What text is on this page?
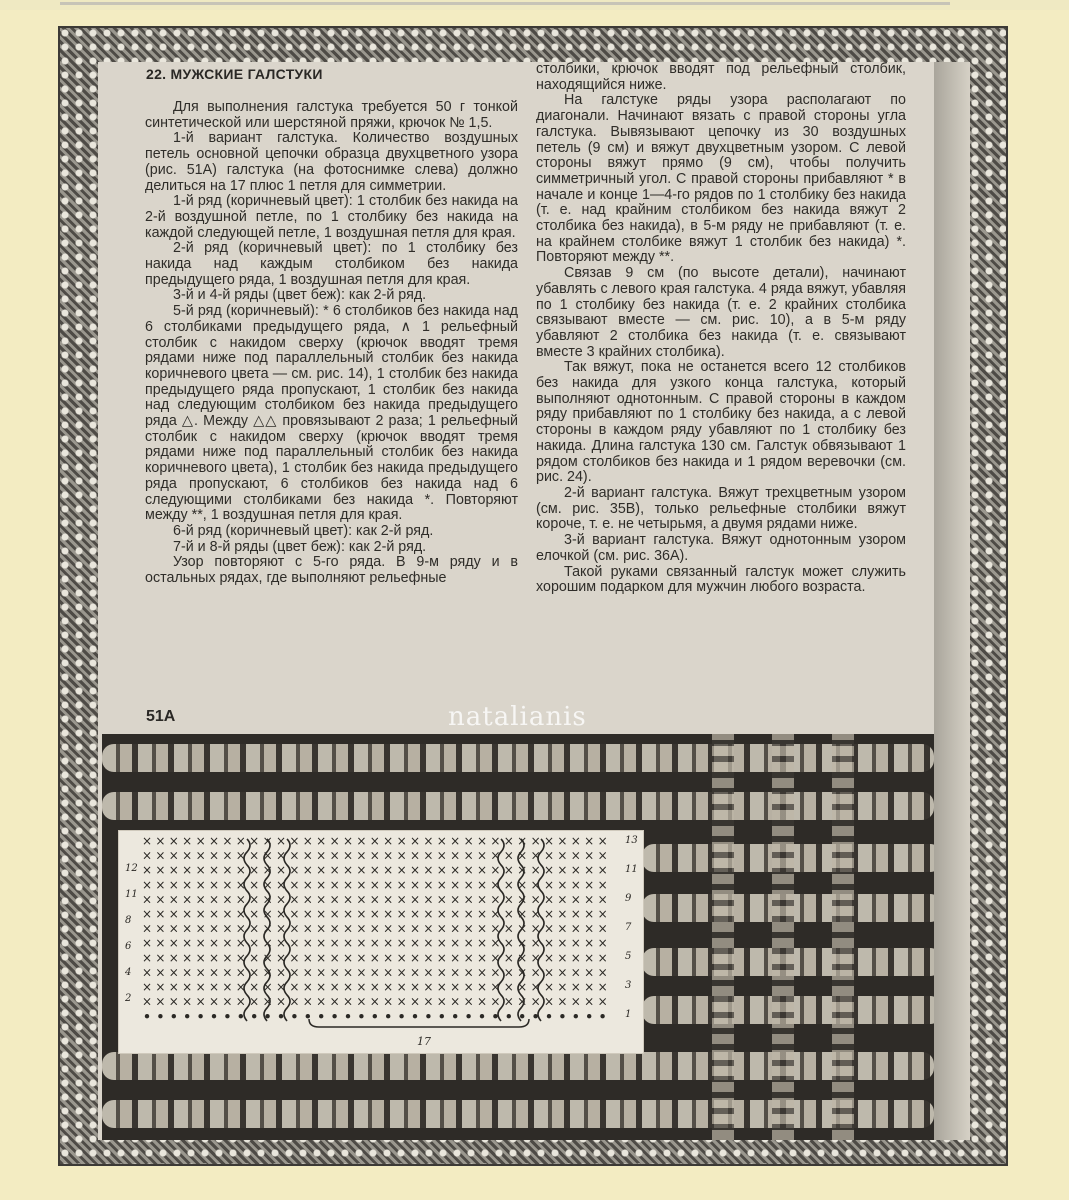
22. МУЖСКИЕ ГАЛСТУКИ

Для выполнения галстука требуется 50 г тонкой синтетической или шерстяной пряжи, крючок № 1,5.

1-й вариант галстука. Количество воздушных петель основной цепочки образца двухцветного узора (рис. 51А) галстука (на фотоснимке слева) должно делиться на 17 плюс 1 петля для симметрии.

1-й ряд (коричневый цвет): 1 столбик без накида на 2-й воздушной петле, по 1 столбику без накида на каждой следующей петле, 1 воздушная петля для края.

2-й ряд (коричневый цвет): по 1 столбику без накида над каждым столбиком без накида предыдущего ряда, 1 воздушная петля для края.

3-й и 4-й ряды (цвет беж): как 2-й ряд.

5-й ряд (коричневый): * 6 столбиков без накида над 6 столбиками предыдущего ряда, ∧ 1 рельефный столбик с накидом сверху (крючок вводят тремя рядами ниже под параллельный столбик без накида коричневого цвета — см. рис. 14), 1 столбик без накида предыдущего ряда пропускают, 1 столбик без накида над следующим столбиком без накида предыдущего ряда △. Между △△ провязывают 2 раза; 1 рельефный столбик с накидом сверху (крючок вводят тремя рядами ниже под параллельный столбик без накида коричневого цвета), 1 столбик без накида предыдущего ряда пропускают, 6 столбиков без накида над 6 следующими столбиками без накида *. Повторяют между **, 1 воздушная петля для края.

6-й ряд (коричневый цвет): как 2-й ряд.

7-й и 8-й ряды (цвет беж): как 2-й ряд.

Узор повторяют с 5-го ряда. В 9-м ряду и в остальных рядах, где выполняют рельефные

столбики, крючок вводят под рельефный столбик, находящийся ниже.

На галстуке ряды узора располагают по диагонали. Начинают вязать с правой стороны угла галстука. Вывязывают цепочку из 30 воздушных петель (9 см) и вяжут двухцветным узором. С левой стороны вяжут прямо (9 см), чтобы получить симметричный угол. С правой стороны прибавляют * в начале и конце 1—4-го рядов по 1 столбику без накида (т. е. над крайним столбиком без накида вяжут 2 столбика без накида), в 5-м ряду не прибавляют (т. е. на крайнем столбике вяжут 1 столбик без накида) *. Повторяют между **.

Связав 9 см (по высоте детали), начинают убавлять с левого края галстука. 4 ряда вяжут, убавляя по 1 столбику без накида (т. е. 2 крайних столбика связывают вместе — см. рис. 10), а в 5-м ряду убавляют 2 столбика без накида (т. е. связывают вместе 3 крайних столбика).

Так вяжут, пока не останется всего 12 столбиков без накида для узкого конца галстука, который выполняют однотонным. С правой стороны в каждом ряду прибавляют по 1 столбику без накида, а с левой стороны в каждом ряду убавляют по 1 столбику без накида. Длина галстука 130 см. Галстук обвязывают 1 рядом столбиков без накида и 1 рядом веревочки (см. рис. 24).

2-й вариант галстука. Вяжут трехцветным узором (см. рис. 35В), только рельефные столбики вяжут короче, т. е. не четырьмя, а двумя рядами ниже.

3-й вариант галстука. Вяжут однотонным узором елочкой (см. рис. 36А).

Такой руками связанный галстук может служить хорошим подарком для мужчин любого возраста.

51А	natalianis
× × × × × × × × × × × × × × × × × × × × × × × × × × × × × × × × × × ×
× × × × × × × × × × × × × × × × × × × × × × × × × × × × × × × × × × ×
× × × × × × × × × × × × × × × × × × × × × × × × × × × × × × × × × × ×
× × × × × × × × × × × × × × × × × × × × × × × × × × × × × × × × × × ×
× × × × × × × × × × × × × × × × × × × × × × × × × × × × × × × × × × ×
× × × × × × × × × × × × × × × × × × × × × × × × × × × × × × × × × × ×
× × × × × × × × × × × × × × × × × × × × × × × × × × × × × × × × × × ×
× × × × × × × × × × × × × × × × × × × × × × × × × × × × × × × × × × ×
× × × × × × × × × × × × × × × × × × × × × × × × × × × × × × × × × × ×
× × × × × × × × × × × × × × × × × × × × × × × × × × × × × × × × × × ×
× × × × × × × × × × × × × × × × × × × × × × × × × × × × × × × × × × ×
× × × × × × × × × × × × × × × × × × × × × × × × × × × × × × × × × × ×
17
12
11
8
6
4
2
13
11
9
7
5
3
1
